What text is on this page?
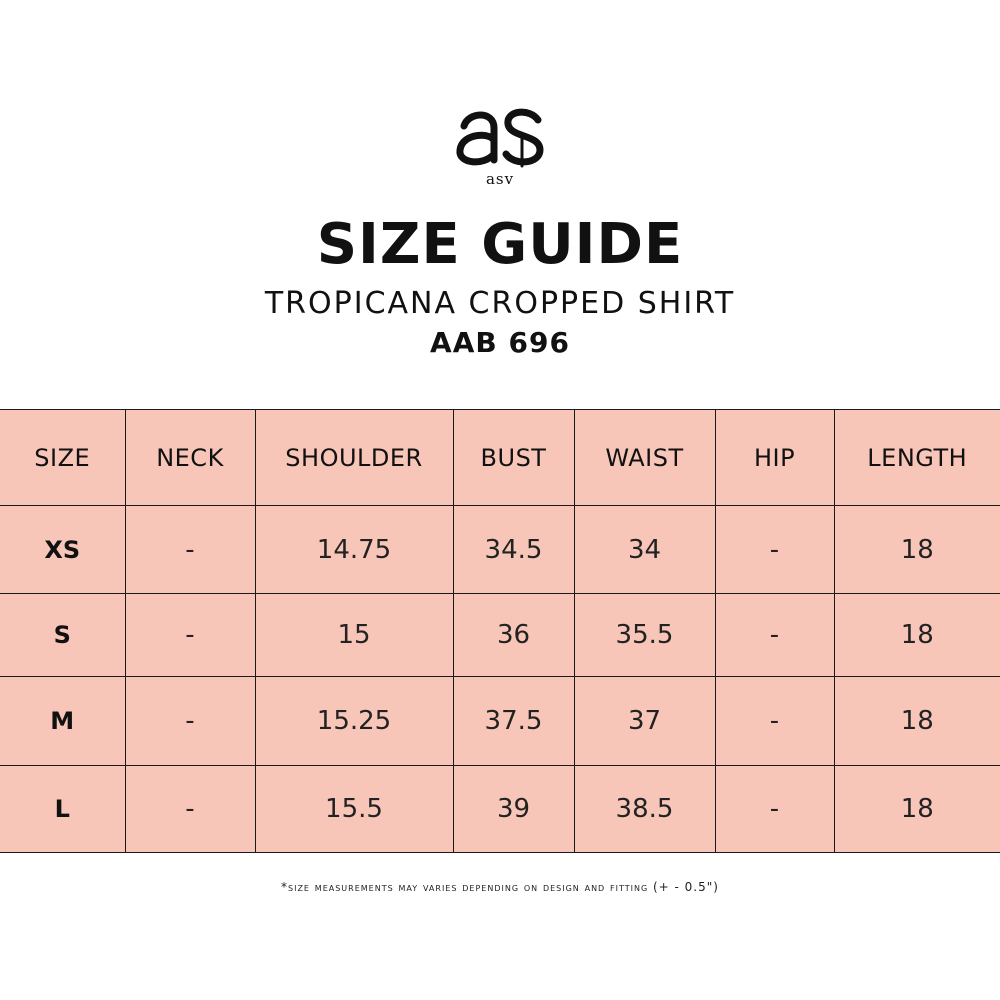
asv
SIZE GUIDE
TROPICANA CROPPED SHIRT
AAB 696
SIZE	NECK	SHOULDER	BUST	WAIST	HIP	LENGTH
XS	-	14.75	34.5	34	-	18
S	-	15	36	35.5	-	18
M	-	15.25	37.5	37	-	18
L	-	15.5	39	38.5	-	18
*size measurements may varies depending on design and fitting (+ - 0.5")
